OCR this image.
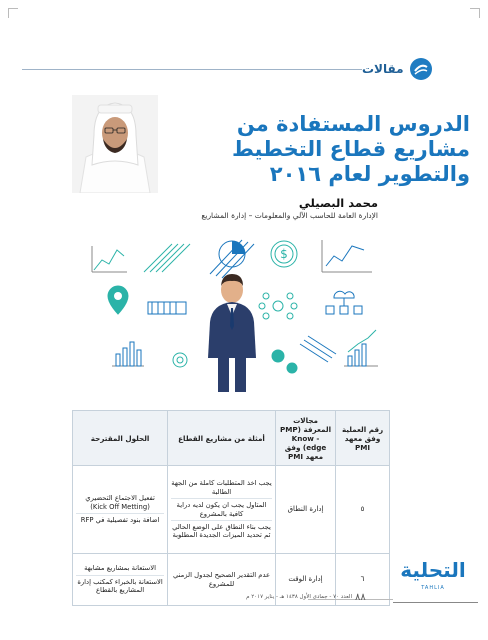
مقالات
الدروس المستفادة من
مشاريع قطاع التخطيط
والتطوير لعام ٢٠١٦
محمد البصيلي
الإدارة العامة للحاسب الآلي والمعلومات – إدارة المشاريع
$
رقم العملية وفق معهد PMI	مجالات المعرفة (PMP Know - edge) وفق معهد PMI	أمثلة من مشاريع القطاع	الحلول المقترحة
٥	إدارة النطاق	يجب اخذ المتطلبات كاملة من الجهة الطالبة
المتاول يجب ان يكون لديه دراية كافية بالمشروع
يجب بناء النطاق على الوضع الحالي ثم تحديد الميزات الجديدة المطلوبة	تفعيل الاجتماع التحضيري (Kick Off Metting)
اضافة بنود تفصيلية في RFP

٦	إدارة الوقت	عدم التقدير الصحيح لجدول الزمني للمشروع	الاستعانة بمشاريع مشابهة
الاستعانة بالخبراء كمكتب إدارة المشاريع بالقطاع
التحلية
TAHLIA
٨٨
العدد ٧٠ - جمادى الأول ١٤٣٨ هـ - يناير ٢٠١٧ م
